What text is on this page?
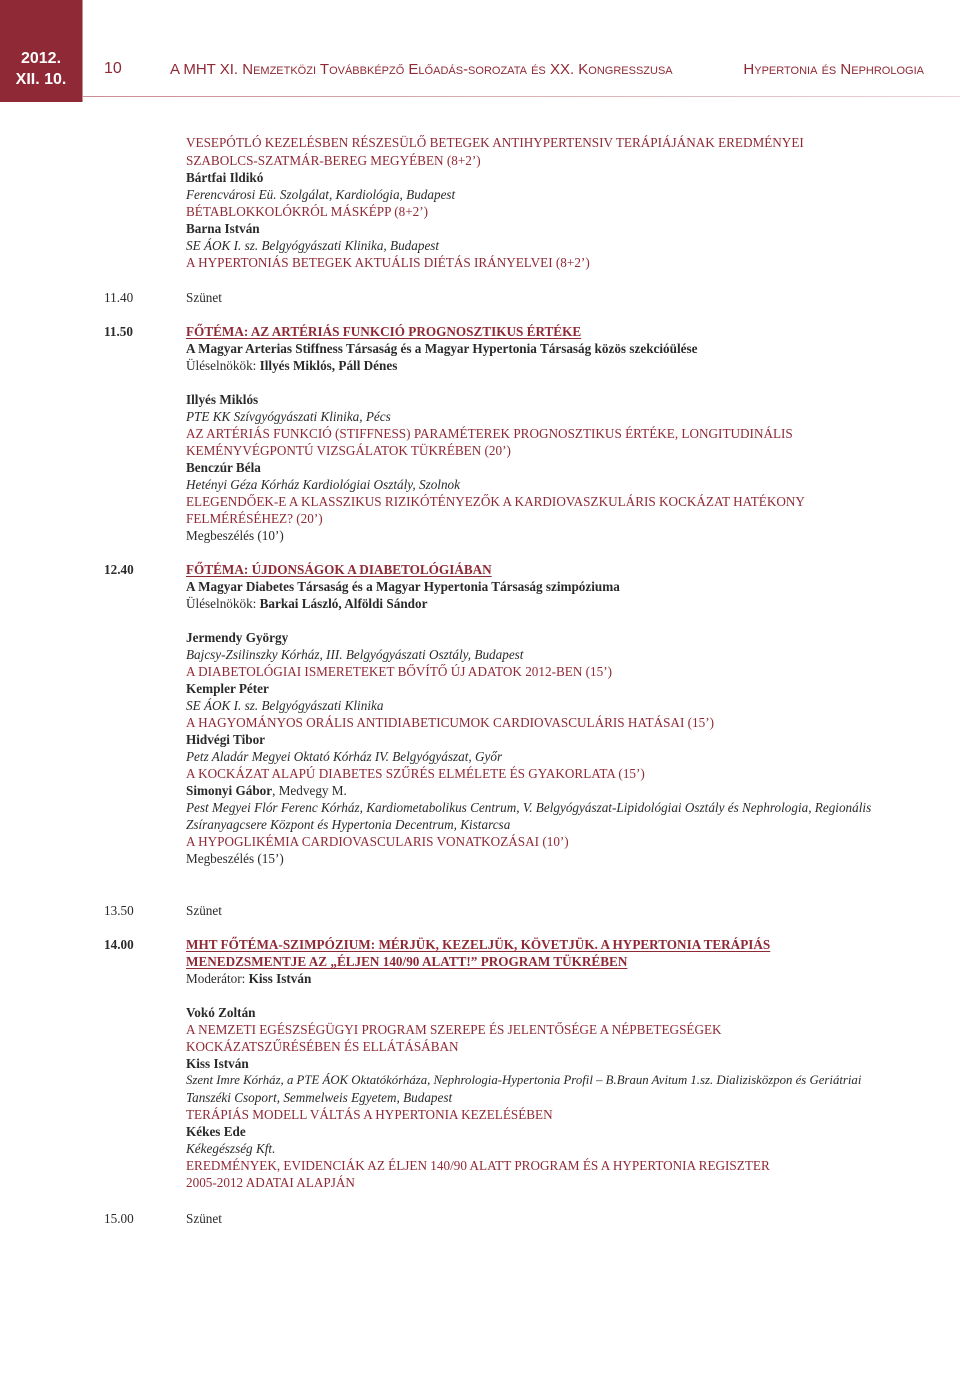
2012.
XII. 10.
10	A MHT XI. Nemzetközi Továbbképző Előadás-sorozata és XX. Kongresszusa	Hypertonia és Nephrologia
VESEPÓTLÓ KEZELÉSBEN RÉSZESÜLŐ BETEGEK ANTIHYPERTENSIV TERÁPIÁJÁNAK EREDMÉNYEI
SZABOLCS-SZATMÁR-BEREG MEGYÉBEN (8+2’)
Bártfai Ildikó
Ferencvárosi Eü. Szolgálat, Kardiológia, Budapest
BÉTABLOKKOLÓKRÓL MÁSKÉPP (8+2’)
Barna István
SE ÁOK I. sz. Belgyógyászati Klinika, Budapest
A HYPERTONIÁS BETEGEK AKTUÁLIS DIÉTÁS IRÁNYELVEI (8+2’)
11.40	Szünet
11.50	FŐTÉMA: AZ ARTÉRIÁS FUNKCIÓ PROGNOSZTIKUS ÉRTÉKE
A Magyar Arterias Stiffness Társaság és a Magyar Hypertonia Társaság közös szekcióülése
Üléselnökök: Illyés Miklós, Páll Dénes
Illyés Miklós
PTE KK Szívgyógyászati Klinika, Pécs
AZ ARTÉRIÁS FUNKCIÓ (STIFFNESS) PARAMÉTEREK PROGNOSZTIKUS ÉRTÉKE, LONGITUDINÁLIS
KEMÉNYVÉGPONTÚ VIZSGÁLATOK TÜKRÉBEN (20’)
Benczúr Béla
Hetényi Géza Kórház Kardiológiai Osztály, Szolnok
ELEGENDŐEK-E A KLASSZIKUS RIZIKÓTÉNYEZŐK A KARDIOVASZKULÁRIS KOCKÁZAT HATÉKONY
FELMÉRÉSÉHEZ? (20’)
Megbeszélés (10’)
12.40	FŐTÉMA: ÚJDONSÁGOK A DIABETOLÓGIÁBAN
A Magyar Diabetes Társaság és a Magyar Hypertonia Társaság szimpóziuma
Üléselnökök: Barkai László, Alföldi Sándor
Jermendy György
Bajcsy-Zsilinszky Kórház, III. Belgyógyászati Osztály, Budapest
A DIABETOLÓGIAI ISMERETEKET BŐVÍTŐ ÚJ ADATOK 2012-BEN (15’)
Kempler Péter
SE ÁOK I. sz. Belgyógyászati Klinika
A HAGYOMÁNYOS ORÁLIS ANTIDIABETICUMOK CARDIOVASCULÁRIS HATÁSAI (15’)
Hidvégi Tibor
Petz Aladár Megyei Oktató Kórház IV. Belgyógyászat, Győr
A KOCKÁZAT ALAPÚ DIABETES SZŰRÉS ELMÉLETE ÉS GYAKORLATA (15’)
Simonyi Gábor, Medvegy M.
Pest Megyei Flór Ferenc Kórház, Kardiometabolikus Centrum, V. Belgyógyászat-Lipidológiai Osztály és Nephrologia, Regionális
Zsíranyagcsere Központ és Hypertonia Decentrum, Kistarcsa
A HYPOGLIKÉMIA CARDIOVASCULARIS VONATKOZÁSAI (10’)
Megbeszélés (15’)
13.50	Szünet
14.00	MHT FŐTÉMA-SZIMPÓZIUM: MÉRJÜK, KEZELJÜK, KÖVETJÜK. A HYPERTONIA TERÁPIÁS
MENEDZSMENTJE AZ „ÉLJEN 140/90 ALATT!” PROGRAM TÜKRÉBEN
Moderátor: Kiss István
Vokó Zoltán
A NEMZETI EGÉSZSÉGÜGYI PROGRAM SZEREPE ÉS JELENTŐSÉGE A NÉPBETEGSÉGEK
KOCKÁZATSZŰRÉSÉBEN ÉS ELLÁTÁSÁBAN
Kiss István
Szent Imre Kórház, a PTE ÁOK Oktatókórháza, Nephrologia-Hypertonia Profil – B.Braun Avitum 1.sz. Dializisközpon és Geriátriai
Tanszéki Csoport, Semmelweis Egyetem, Budapest
TERÁPIÁS MODELL VÁLTÁS A HYPERTONIA KEZELÉSÉBEN
Kékes Ede
Kékegészség Kft.
EREDMÉNYEK, EVIDENCIÁK AZ ÉLJEN 140/90 ALATT PROGRAM ÉS A HYPERTONIA REGISZTER
2005-2012 ADATAI ALAPJÁN
15.00	Szünet
